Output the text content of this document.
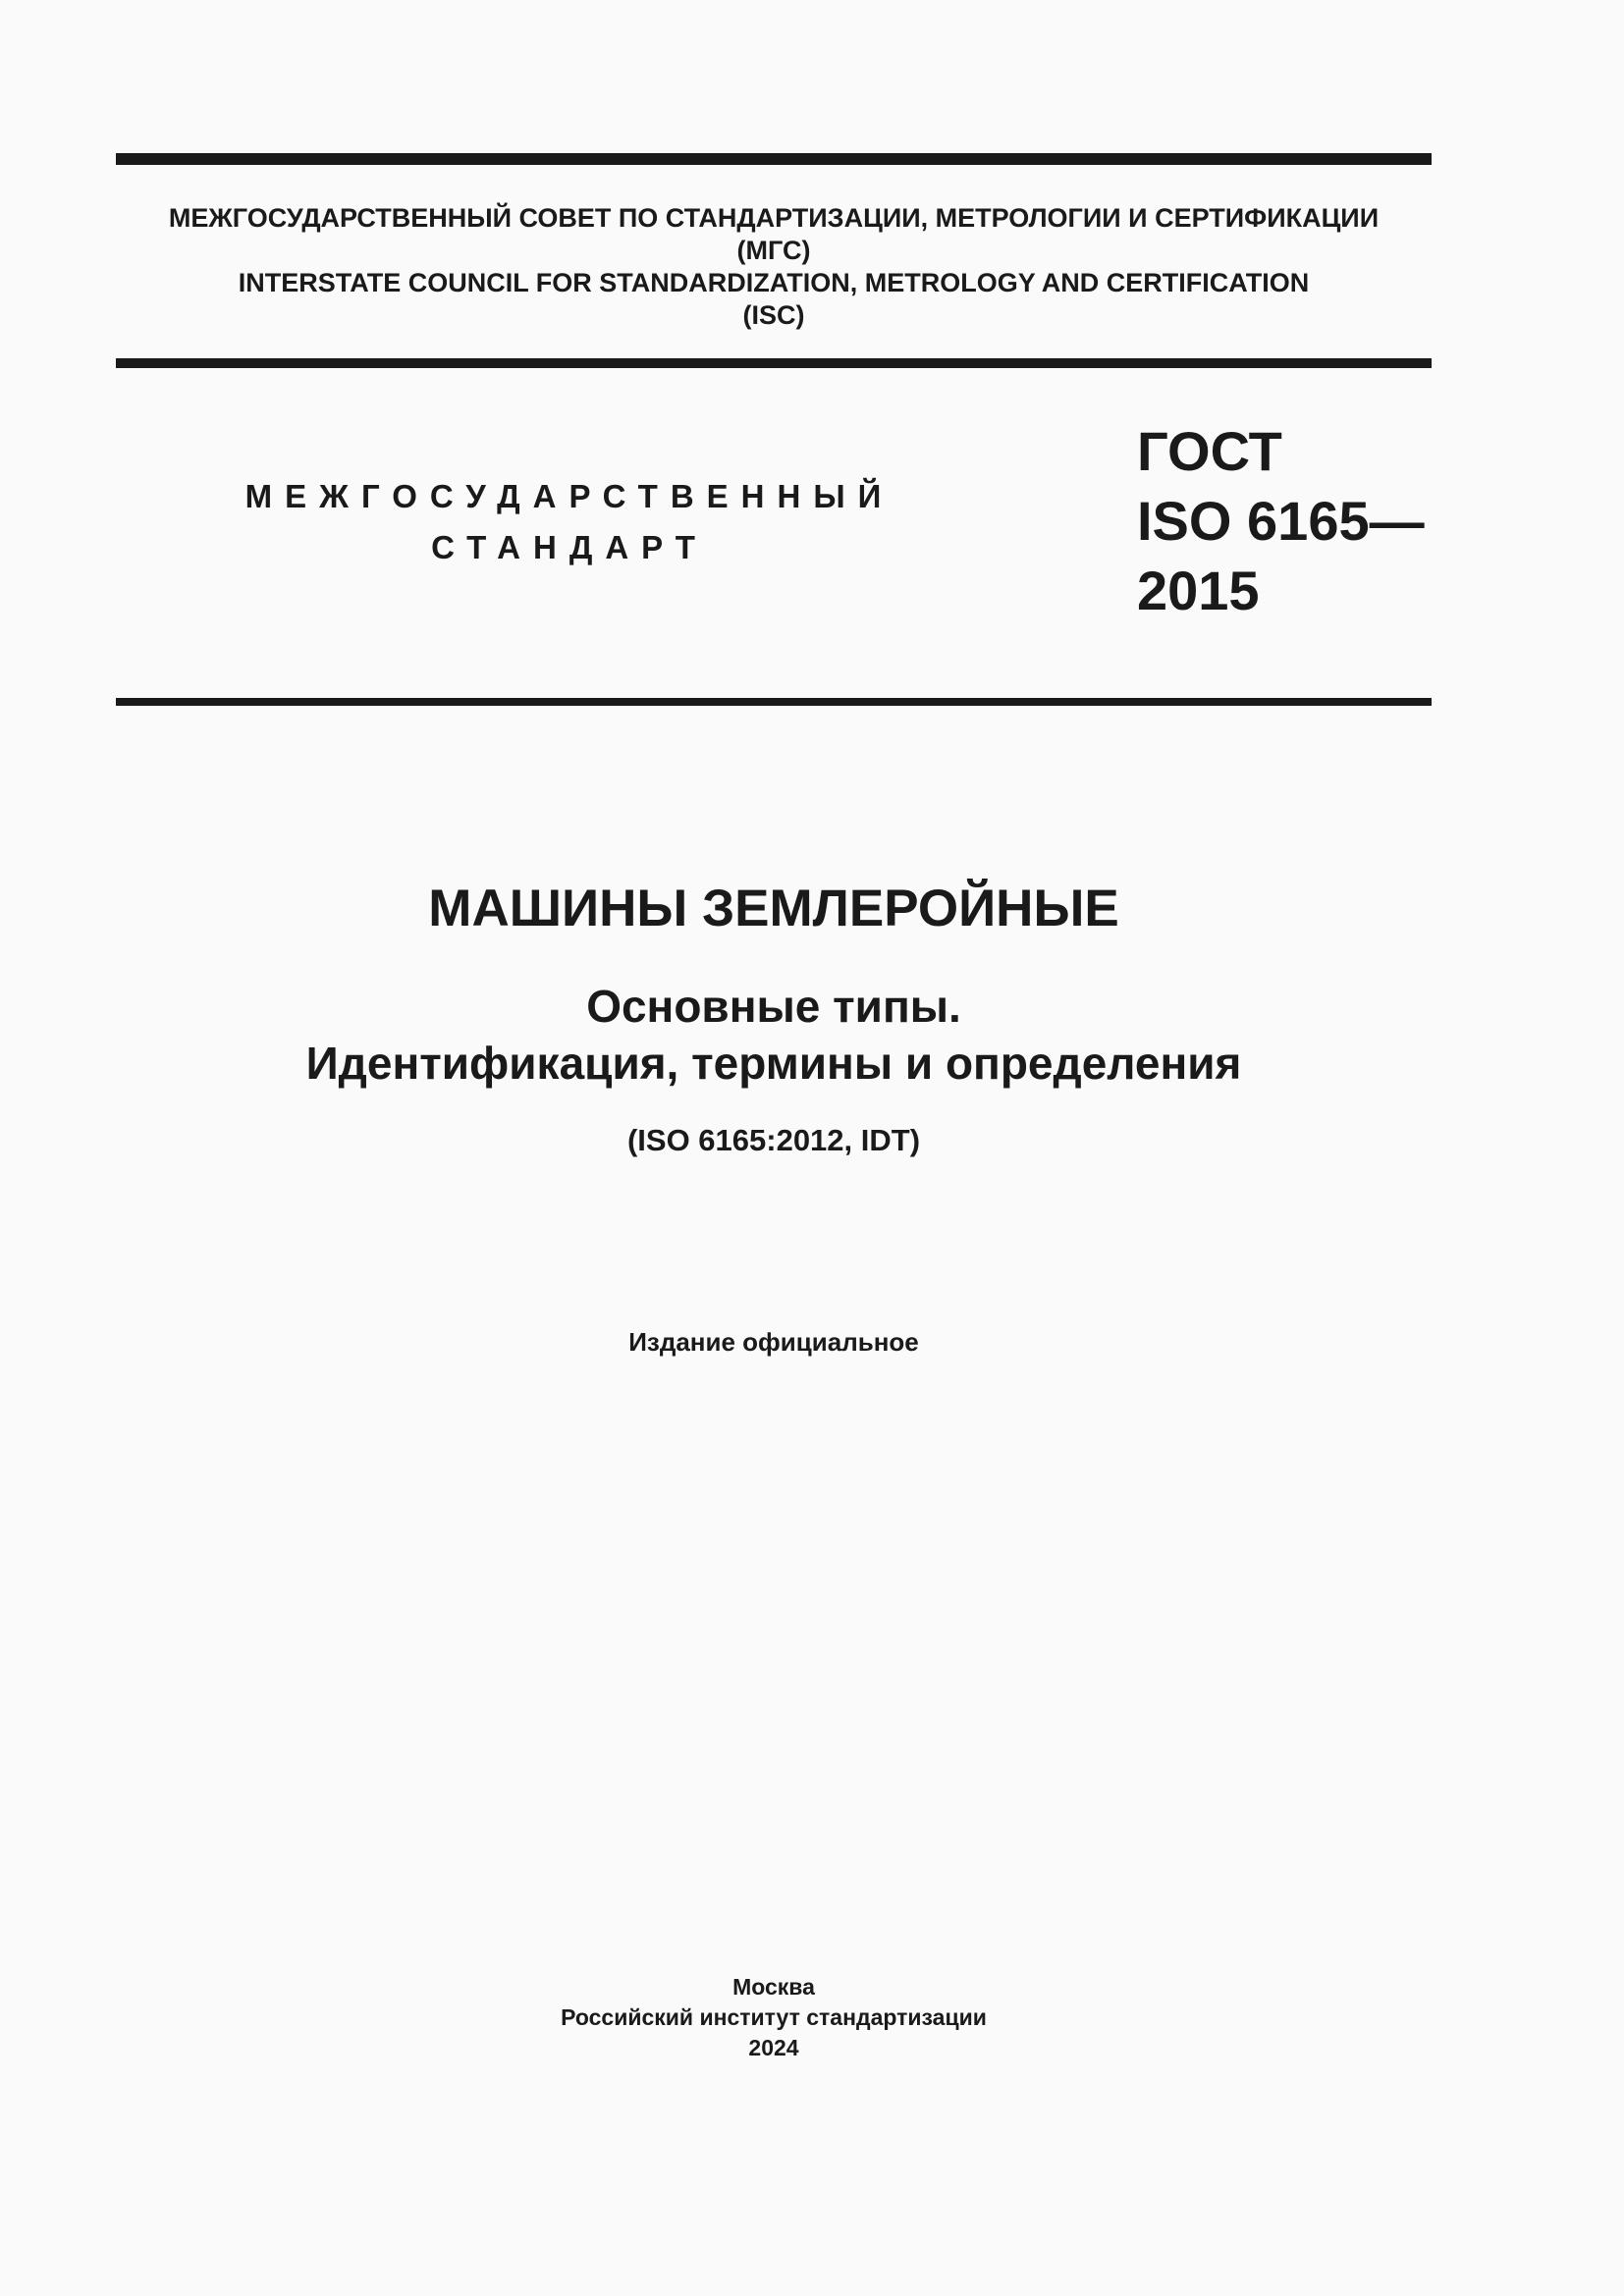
МЕЖГОСУДАРСТВЕННЫЙ СОВЕТ ПО СТАНДАРТИЗАЦИИ, МЕТРОЛОГИИ И СЕРТИФИКАЦИИ
(МГС)
INTERSTATE COUNCIL FOR STANDARDIZATION, METROLOGY AND CERTIFICATION
(ISC)
МЕЖГОСУДАРСТВЕННЫЙ
СТАНДАРТ
ГОСТ
ISO 6165—
2015
МАШИНЫ ЗЕМЛЕРОЙНЫЕ
Основные типы.
Идентификация, термины и определения
(ISO 6165:2012, IDT)
Издание официальное
Москва
Российский институт стандартизации
2024
